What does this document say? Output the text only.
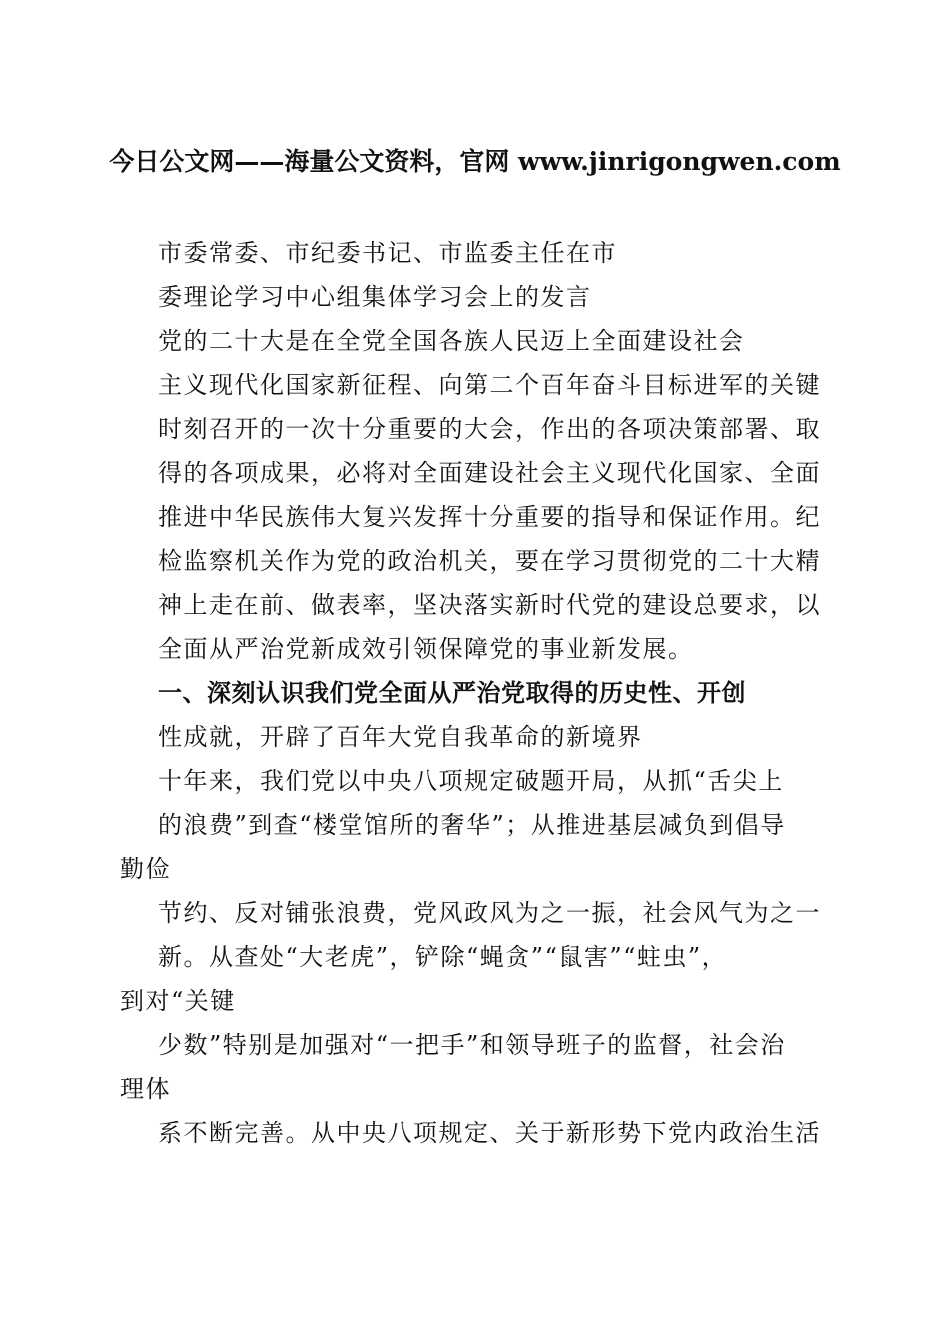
今日公文网——海量公文资料，官网 www.jinrigongwen.com
市委常委、市纪委书记、市监委主任在市
委理论学习中心组集体学习会上的发言
党的二十大是在全党全国各族人民迈上全面建设社会
主义现代化国家新征程、向第二个百年奋斗目标进军的关键
时刻召开的一次十分重要的大会，作出的各项决策部署、取
得的各项成果，必将对全面建设社会主义现代化国家、全面
推进中华民族伟大复兴发挥十分重要的指导和保证作用。纪
检监察机关作为党的政治机关，要在学习贯彻党的二十大精
神上走在前、做表率，坚决落实新时代党的建设总要求，以
全面从严治党新成效引领保障党的事业新发展。
一、深刻认识我们党全面从严治党取得的历史性、开创
性成就，开辟了百年大党自我革命的新境界
十年来，我们党以中央八项规定破题开局，从抓“舌尖上
的浪费”到查“楼堂馆所的奢华”；从推进基层减负到倡导
勤俭
节约、反对铺张浪费，党风政风为之一振，社会风气为之一
新。从查处“大老虎”，铲除“蝇贪”“鼠害”“蛀虫”，
到对“关键
少数”特别是加强对“一把手”和领导班子的监督，社会治
理体
系不断完善。从中央八项规定、关于新形势下党内政治生活
